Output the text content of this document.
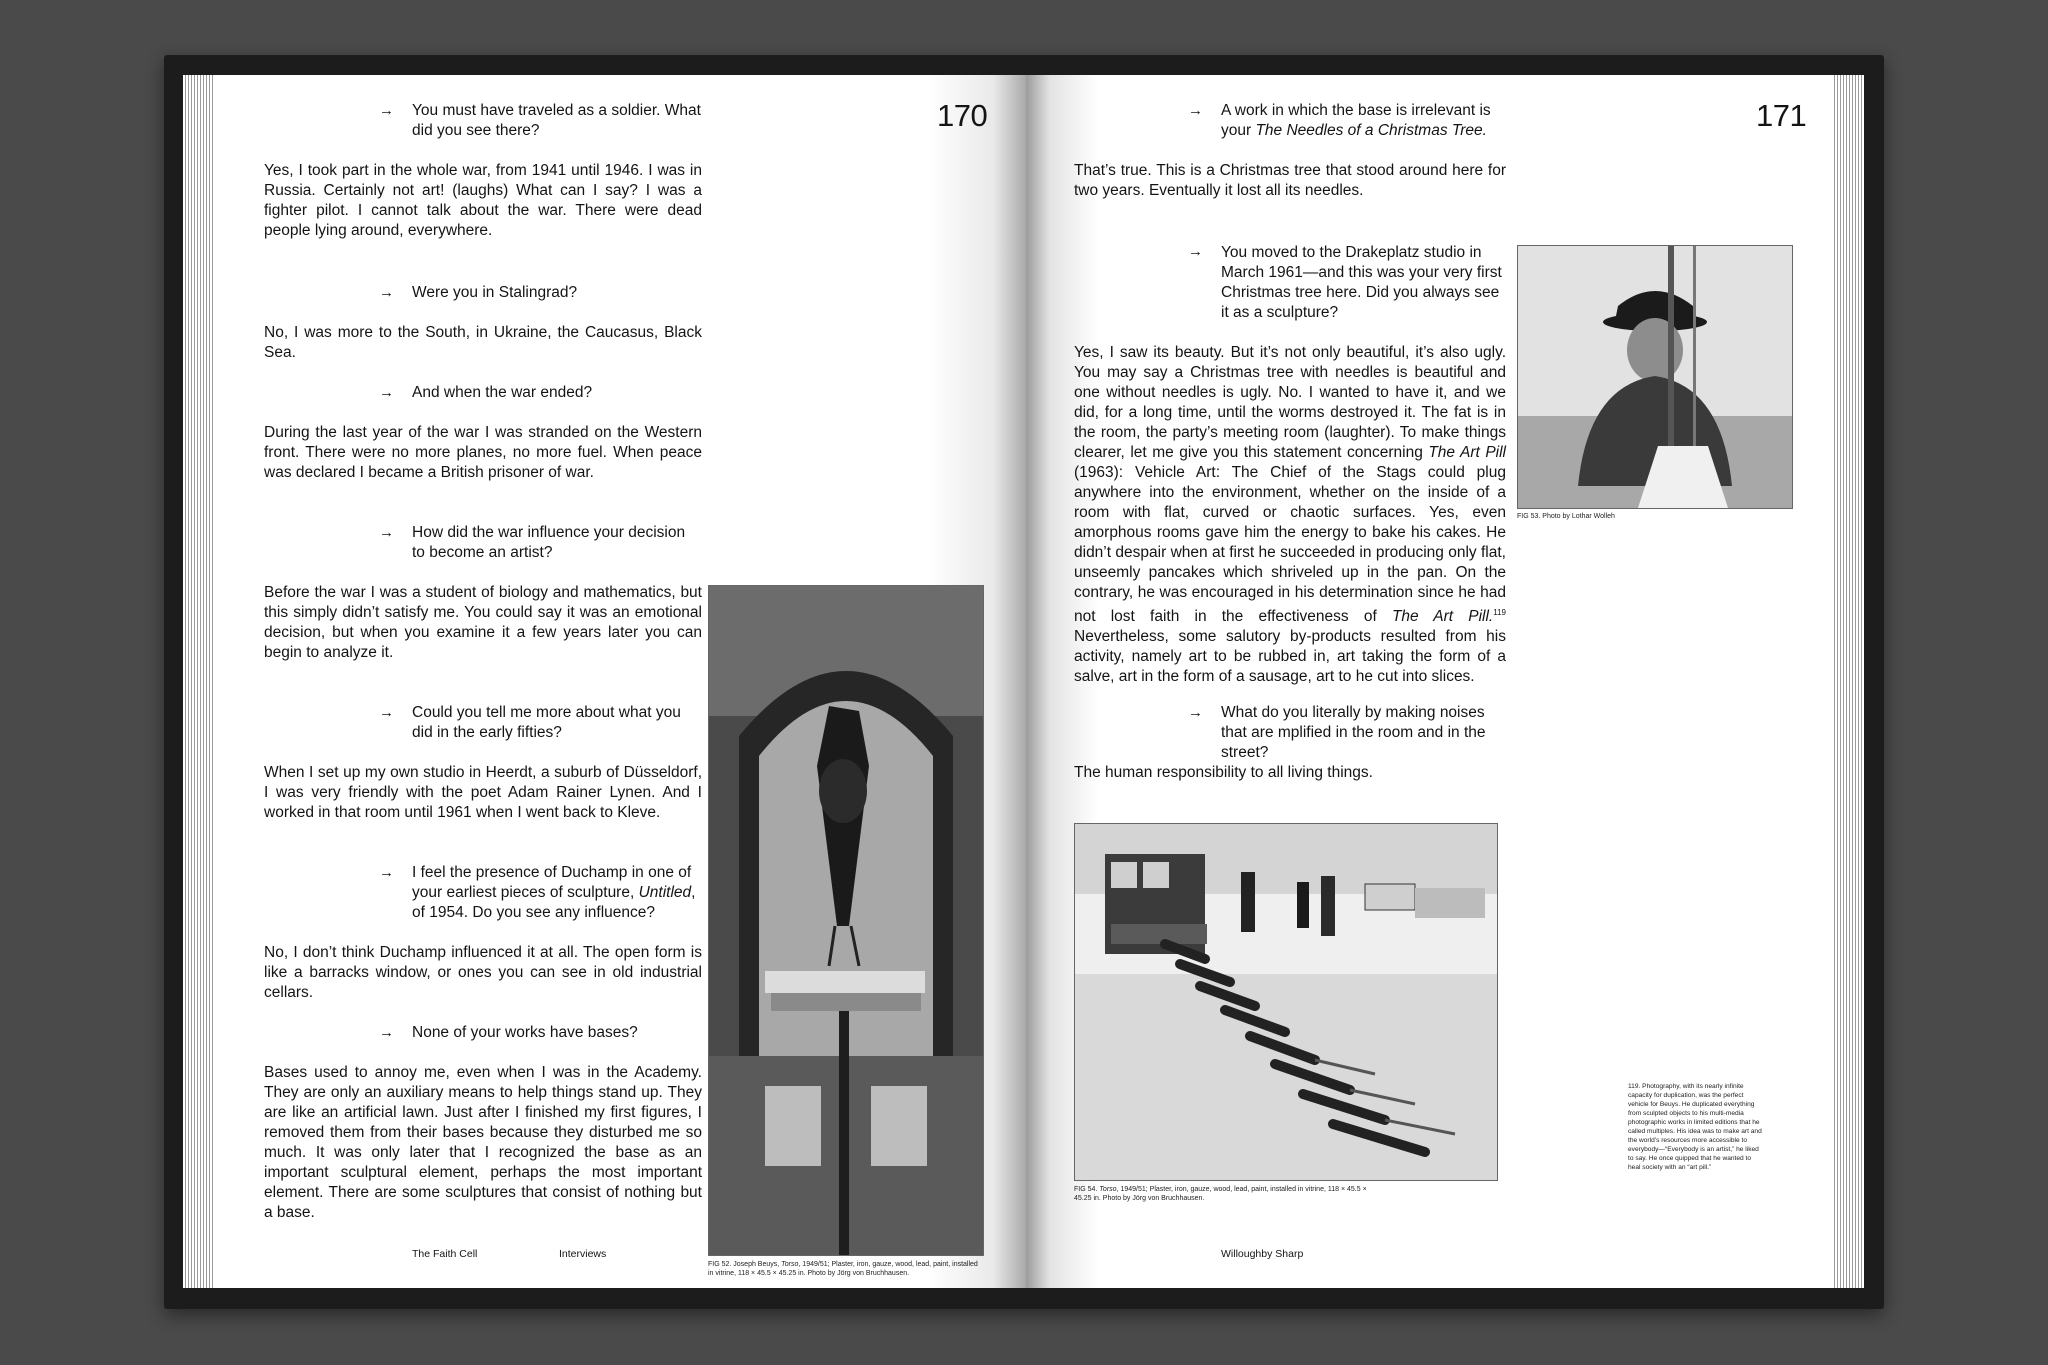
170
→ You must have traveled as a soldier. What did you see there?
Yes, I took part in the whole war, from 1941 until 1946. I was in Russia. Certainly not art! (laughs) What can I say? I was a fighter pilot. I cannot talk about the war. There were dead people lying around, everywhere.
→ Were you in Stalingrad?
No, I was more to the South, in Ukraine, the Caucasus, Black Sea.
→ And when the war ended?
During the last year of the war I was stranded on the Western front. There were no more planes, no more fuel. When peace was declared I became a British prisoner of war.
→ How did the war influence your decision to become an artist?
Before the war I was a student of biology and mathematics, but this simply didn’t satisfy me. You could say it was an emotional decision, but when you examine it a few years later you can begin to analyze it.
→ Could you tell me more about what you did in the early fifties?
When I set up my own studio in Heerdt, a suburb of Düsseldorf, I was very friendly with the poet Adam Rainer Lynen. And I worked in that room until 1961 when I went back to Kleve.
→ I feel the presence of Duchamp in one of your earliest pieces of sculpture, Untitled, of 1954. Do you see any influence?
No, I don’t think Duchamp influenced it at all. The open form is like a barracks window, or ones you can see in old industrial cellars.
→ None of your works have bases?
Bases used to annoy me, even when I was in the Academy. They are only an auxiliary means to help things stand up. They are like an artificial lawn. Just after I finished my first figures, I removed them from their bases because they disturbed me so much. It was only later that I recognized the base as an important sculptural element, perhaps the most important element. There are some sculptures that consist of nothing but a base.
FIG 52. Joseph Beuys, Torso, 1949/51; Plaster, iron, gauze, wood, lead, paint, installed in vitrine, 118 × 45.5 × 45.25 in. Photo by Jörg von Bruchhausen.
The Faith Cell	Interviews
171
→ A work in which the base is irrelevant is your The Needles of a Christmas Tree.
That’s true. This is a Christmas tree that stood around here for two years. Eventually it lost all its needles.
You moved to the Drakeplatz studio in March 1961—and this was your very first Christmas tree here. Did you always see it as a sculpture?
→
Yes, I saw its beauty. But it’s not only beautiful, it’s also ugly. You may say a Christmas tree with needles is beautiful and one without needles is ugly. No. I wanted to have it, and we did, for a long time, until the worms destroyed it. The fat is in the room, the party’s meeting room (laughter). To make things clearer, let me give you this statement concerning The Art Pill (1963): Vehicle Art: The Chief of the Stags could plug anywhere into the environment, whether on the inside of a room with flat, curved or chaotic surfaces. Yes, even amorphous rooms gave him the energy to bake his cakes. He didn’t despair when at first he succeeded in producing only flat, unseemly pancakes which shriveled up in the pan. On the contrary, he was encouraged in his determination since he had not lost faith in the effectiveness of The Art Pill.$^{119}$ Nevertheless, some salutory by-products resulted from his activity, namely art to be rubbed in, art taking the form of a salve, art in the form of a sausage, art to he cut into slices.
→ What do you literally by making noises that are mplified in the room and in the street?
The human responsibility to all living things.
FIG 53. Photo by Lothar Wolleh
FIG 54. Torso, 1949/51; Plaster, iron, gauze, wood, lead, paint, installed in vitrine, 118 × 45.5 × 45.25 in. Photo by Jörg von Bruchhausen.
119. Photography, with its nearly infinite capacity for duplication, was the perfect vehicle for Beuys. He duplicated everything from sculpted objects to his multi-media photographic works in limited editions that he called multiples. His idea was to make art and the world’s resources more accessible to everybody—“Everybody is an artist,” he liked to say. He once quipped that he wanted to heal society with an “art pill.”
Willoughby Sharp
